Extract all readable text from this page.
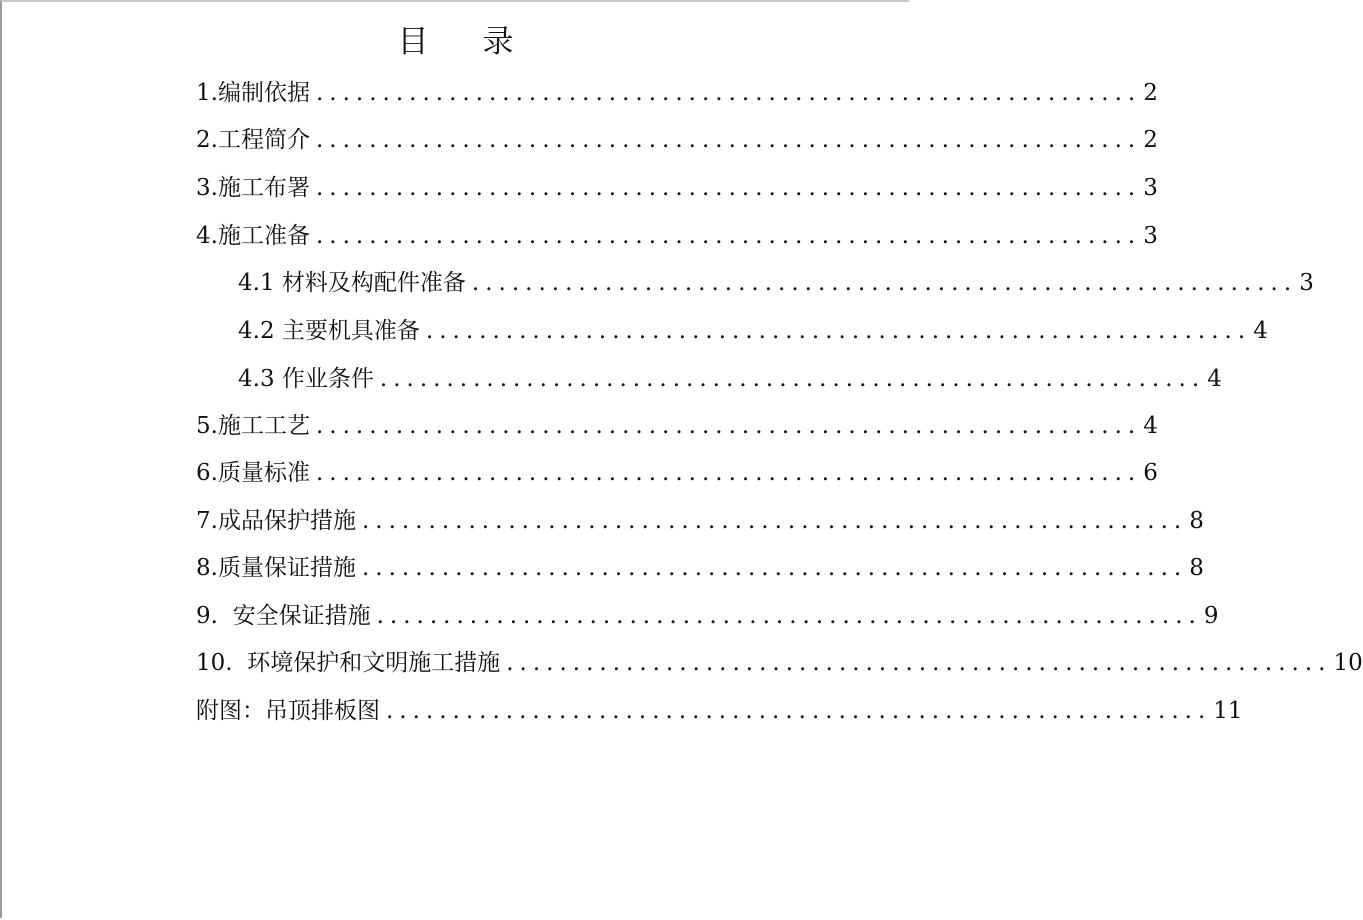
目 录
1.编制依据 .............................................................. 2
2.工程简介 .............................................................. 2
3.施工布署 .............................................................. 3
4.施工准备 .............................................................. 3
4.1 材料及构配件准备 .............................................................. 3
4.2 主要机具准备 .............................................................. 4
4.3 作业条件 .............................................................. 4
5.施工工艺 .............................................................. 4
6.质量标准 .............................................................. 6
7.成品保护措施 .............................................................. 8
8.质量保证措施 .............................................................. 8
9.  安全保证措施 .............................................................. 9
10.  环境保护和文明施工措施 .............................................................. 10
附图：吊顶排板图 .............................................................. 11
